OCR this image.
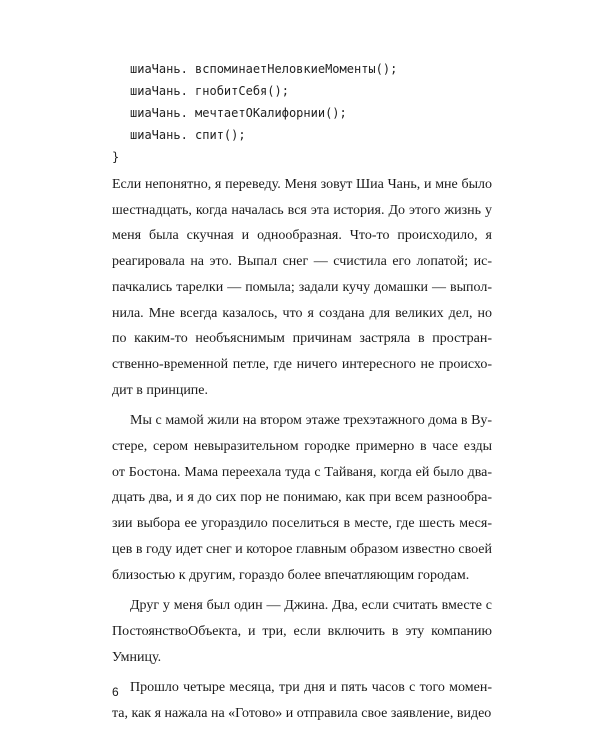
шиаЧань. вспоминаетНеловкиеМоменты();
шиаЧань. гнобитСебя();
шиаЧань. мечтаетОКалифорнии();
шиаЧань. спит();
}

Если непонятно, я переведу. Меня зовут Шиа Чань, и мне было шестнадцать, когда началась вся эта история. До этого жизнь у меня была скучная и однообразная. Что-то происходило, я реагировала на это. Выпал снег — счистила его лопатой; испачкались тарелки — помыла; задали кучу домашки — выполнила. Мне всегда казалось, что я создана для великих дел, но по каким-то необъяснимым причинам застряла в пространственно-временной петле, где ничего интересного не происходит в принципе.

Мы с мамой жили на втором этаже трехэтажного дома в Вустере, сером невыразительном городке примерно в часе езды от Бостона. Мама переехала туда с Тайваня, когда ей было двадцать два, и я до сих пор не понимаю, как при всем разнообразии выбора ее угораздило поселиться в месте, где шесть месяцев в году идет снег и которое главным образом известно своей близостью к другим, гораздо более впечатляющим городам.

Друг у меня был один — Джина. Два, если считать вместе с ПостоянствоОбъекта, и три, если включить в эту компанию Умницу.

Прошло четыре месяца, три дня и пять часов с того момента, как я нажала на «Готово» и отправила свое заявление, видео

6
